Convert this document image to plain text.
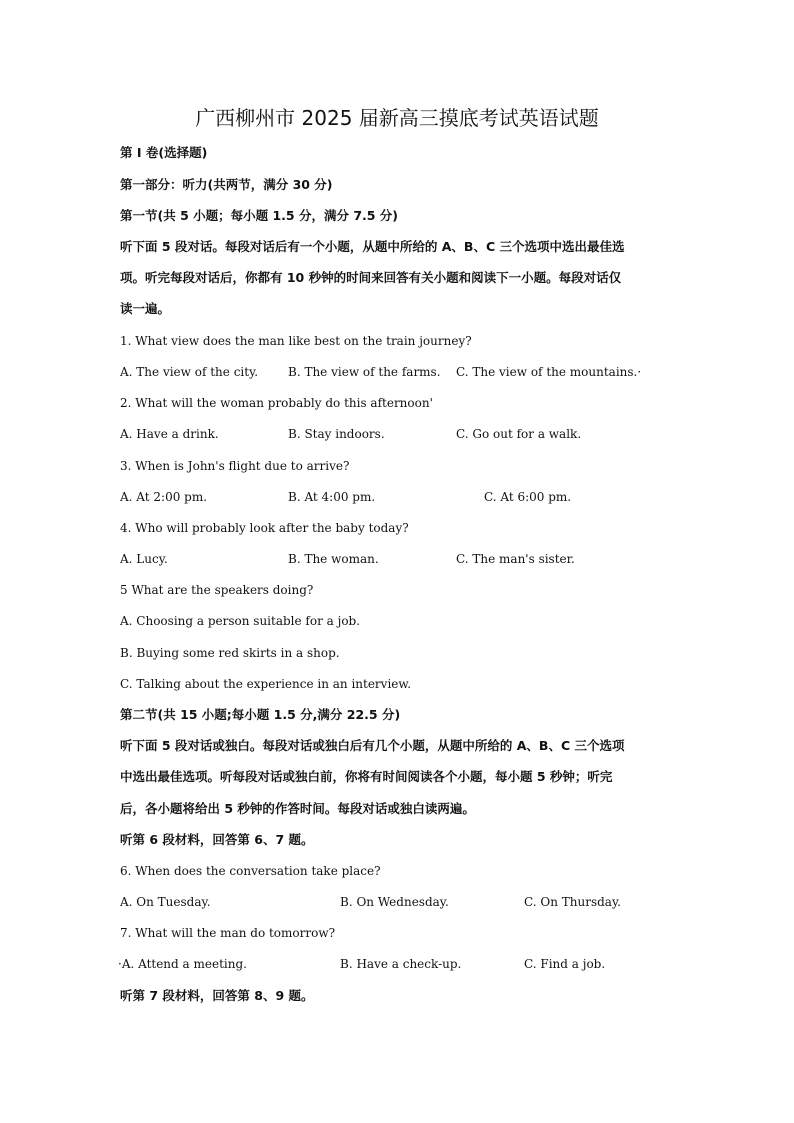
广西柳州市 2025 届新高三摸底考试英语试题
第 I 卷(选择题)
第一部分：听力(共两节，满分 30 分)
第一节(共 5 小题；每小题 1.5 分，满分 7.5 分)
听下面 5 段对话。每段对话后有一个小题，从题中所给的 A、B、C 三个选项中选出最佳选
项。听完每段对话后，你都有 10 秒钟的时间来回答有关小题和阅读下一小题。每段对话仅
读一遍。
1. What view does the man like best on the train journey?
A. The view of the city. B. The view of the farms. C. The view of the mountains.·
2. What will the woman probably do this afternoon'
A. Have a drink.	B. Stay indoors.	C. Go out for a walk.
3. When is John's flight due to arrive?
A. At 2:00 pm.	B. At 4:00 pm.	C. At 6:00 pm.
4. Who will probably look after the baby today?
A. Lucy.	B. The woman.	C. The man's sister.
5 What are the speakers doing?
A. Choosing a person suitable for a job.
B. Buying some red skirts in a shop.
C. Talking about the experience in an interview.
第二节(共 15 小题;每小题 1.5 分,满分 22.5 分)
听下面 5 段对话或独白。每段对话或独白后有几个小题，从题中所给的 A、B、C 三个选项
中选出最佳选项。听每段对话或独白前，你将有时间阅读各个小题，每小题 5 秒钟；听完
后，各小题将给出 5 秒钟的作答时间。每段对话或独白读两遍。
听第 6 段材料，回答第 6、7 题。
6. When does the conversation take place?
A. On Tuesday.	B. On Wednesday.	C. On Thursday.
7. What will the man do tomorrow?
·A. Attend a meeting.	B. Have a check-up.	C. Find a job.
听第 7 段材料，回答第 8、9 题。
